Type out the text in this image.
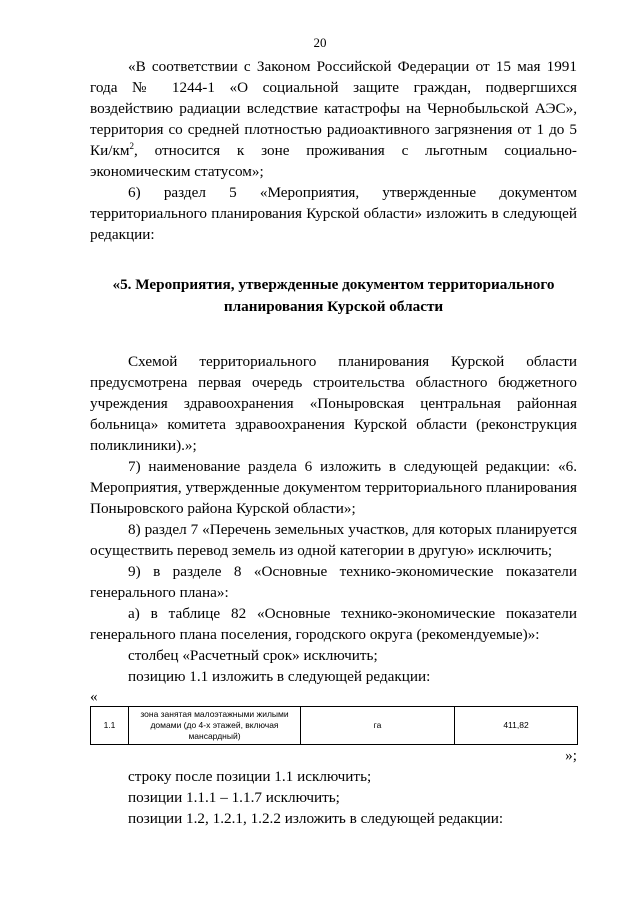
20

«В соответствии с Законом Российской Федерации от 15 мая 1991 года № 1244-1 «О социальной защите граждан, подвергшихся воздействию радиации вследствие катастрофы на Чернобыльской АЭС», территория со средней плотностью радиоактивного загрязнения от 1 до 5 $Ки/км^2$, относится к зоне проживания с льготным социально-экономическим статусом»;

6) раздел 5 «Мероприятия, утвержденные документом территориального планирования Курской области» изложить в следующей редакции:

«5. Мероприятия, утвержденные документом территориального
планирования Курской области

Схемой территориального планирования Курской области предусмотрена первая очередь строительства областного бюджетного учреждения здравоохранения «Поныровская центральная районная больница» комитета здравоохранения Курской области (реконструкция поликлиники).»;

7) наименование раздела 6 изложить в следующей редакции: «6. Мероприятия, утвержденные документом территориального планирования Поныровского района Курской области»;

8) раздел 7 «Перечень земельных участков, для которых планируется осуществить перевод земель из одной категории в другую» исключить;

9) в разделе 8 «Основные технико-экономические показатели генерального плана»:

а) в таблице 82 «Основные технико-экономические показатели генерального плана поселения, городского округа (рекомендуемые)»:

столбец «Расчетный срок» исключить;

позицию 1.1 изложить в следующей редакции:

«

1.1	зона занятая малоэтажными жилыми домами (до 4-х этажей, включая мансардный)	га	411,82

»;

строку после позиции 1.1 исключить;

позиции 1.1.1 – 1.1.7 исключить;

позиции 1.2, 1.2.1, 1.2.2 изложить в следующей редакции:
